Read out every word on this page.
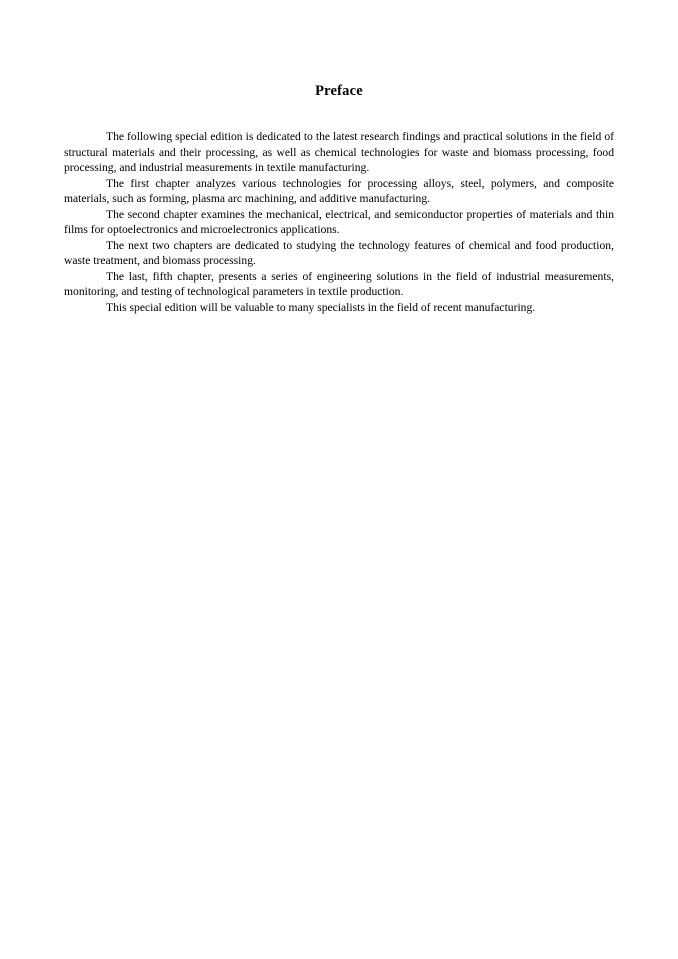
Preface

The following special edition is dedicated to the latest research findings and practical solutions in the field of structural materials and their processing, as well as chemical technologies for waste and biomass processing, food processing, and industrial measurements in textile manufacturing.

The first chapter analyzes various technologies for processing alloys, steel, polymers, and composite materials, such as forming, plasma arc machining, and additive manufacturing.

The second chapter examines the mechanical, electrical, and semiconductor properties of materials and thin films for optoelectronics and microelectronics applications.

The next two chapters are dedicated to studying the technology features of chemical and food production, waste treatment, and biomass processing.

The last, fifth chapter, presents a series of engineering solutions in the field of industrial measurements, monitoring, and testing of technological parameters in textile production.

This special edition will be valuable to many specialists in the field of recent manufacturing.
